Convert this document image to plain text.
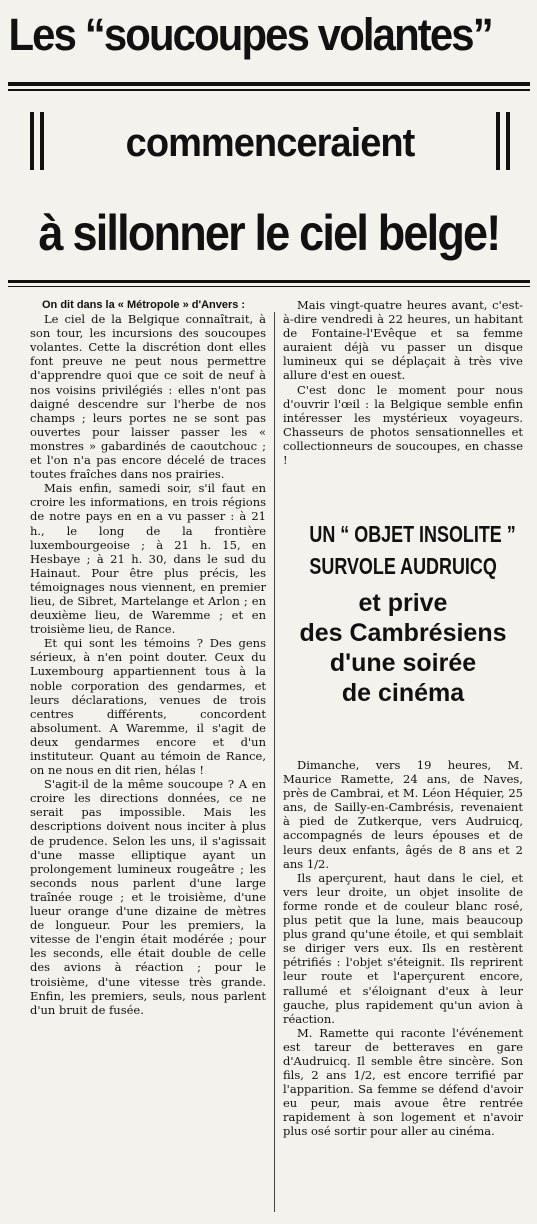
Les “soucoupes volantes”
commenceraient
à sillonner le ciel belge!

On dit dans la « Métropole » d'Anvers :

Le ciel de la Belgique connaîtrait, à son tour, les incursions des soucoupes volantes. Cette la discrétion dont elles font preuve ne peut nous permettre d'apprendre quoi que ce soit de neuf à nos voisins privilégiés : elles n'ont pas daigné descendre sur l'herbe de nos champs ; leurs portes ne se sont pas ouvertes pour laisser passer les « monstres » gabardinés de caoutchouc ; et l'on n'a pas encore décelé de traces toutes fraîches dans nos prairies.

Mais enfin, samedi soir, s'il faut en croire les informations, en trois régions de notre pays en en a vu passer : à 21 h., le long de la frontière luxembourgeoise ; à 21 h. 15, en Hesbaye ; à 21 h. 30, dans le sud du Hainaut. Pour être plus précis, les témoignages nous viennent, en premier lieu, de Sibret, Martelange et Arlon ; en deuxième lieu, de Waremme ; et en troisième lieu, de Rance.

Et qui sont les témoins ? Des gens sérieux, à n'en point douter. Ceux du Luxembourg appartiennent tous à la noble corporation des gendarmes, et leurs déclarations, venues de trois centres différents, concordent absolument. A Waremme, il s'agit de deux gendarmes encore et d'un instituteur. Quant au témoin de Rance, on ne nous en dit rien, hélas !

S'agit-il de la même soucoupe ? A en croire les directions données, ce ne serait pas impossible. Mais les descriptions doivent nous inciter à plus de prudence. Selon les uns, il s'agissait d'une masse elliptique ayant un prolongement lumineux rougeâtre ; les seconds nous parlent d'une large traînée rouge ; et le troisième, d'une lueur orange d'une dizaine de mètres de longueur. Pour les premiers, la vitesse de l'engin était modérée ; pour les seconds, elle était double de celle des avions à réaction ; pour le troisième, d'une vitesse très grande. Enfin, les premiers, seuls, nous parlent d'un bruit de fusée.

Mais vingt-quatre heures avant, c'est-à-dire vendredi à 22 heures, un habitant de Fontaine-l'Evêque et sa femme auraient déjà vu passer un disque lumineux qui se déplaçait à très vive allure d'est en ouest.

C'est donc le moment pour nous d'ouvrir l'œil : la Belgique semble enfin intéresser les mystérieux voyageurs. Chasseurs de photos sensationnelles et collectionneurs de soucoupes, en chasse !

UN “ OBJET INSOLITE ”
SURVOLE AUDRUICQ
et prive
des Cambrésiens
d'une soirée
de cinéma

Dimanche, vers 19 heures, M. Maurice Ramette, 24 ans, de Naves, près de Cambrai, et M. Léon Héquier, 25 ans, de Sailly-en-Cambrésis, revenaient à pied de Zutkerque, vers Audruicq, accompagnés de leurs épouses et de leurs deux enfants, âgés de 8 ans et 2 ans 1/2.

Ils aperçurent, haut dans le ciel, et vers leur droite, un objet insolite de forme ronde et de couleur blanc rosé, plus petit que la lune, mais beaucoup plus grand qu'une étoile, et qui semblait se diriger vers eux. Ils en restèrent pétrifiés : l'objet s'éteignit. Ils reprirent leur route et l'aperçurent encore, rallumé et s'éloignant d'eux à leur gauche, plus rapidement qu'un avion à réaction.

M. Ramette qui raconte l'événement est tareur de betteraves en gare d'Audruicq. Il semble être sincère. Son fils, 2 ans 1/2, est encore terrifié par l'apparition. Sa femme se défend d'avoir eu peur, mais avoue être rentrée rapidement à son logement et n'avoir plus osé sortir pour aller au cinéma.
